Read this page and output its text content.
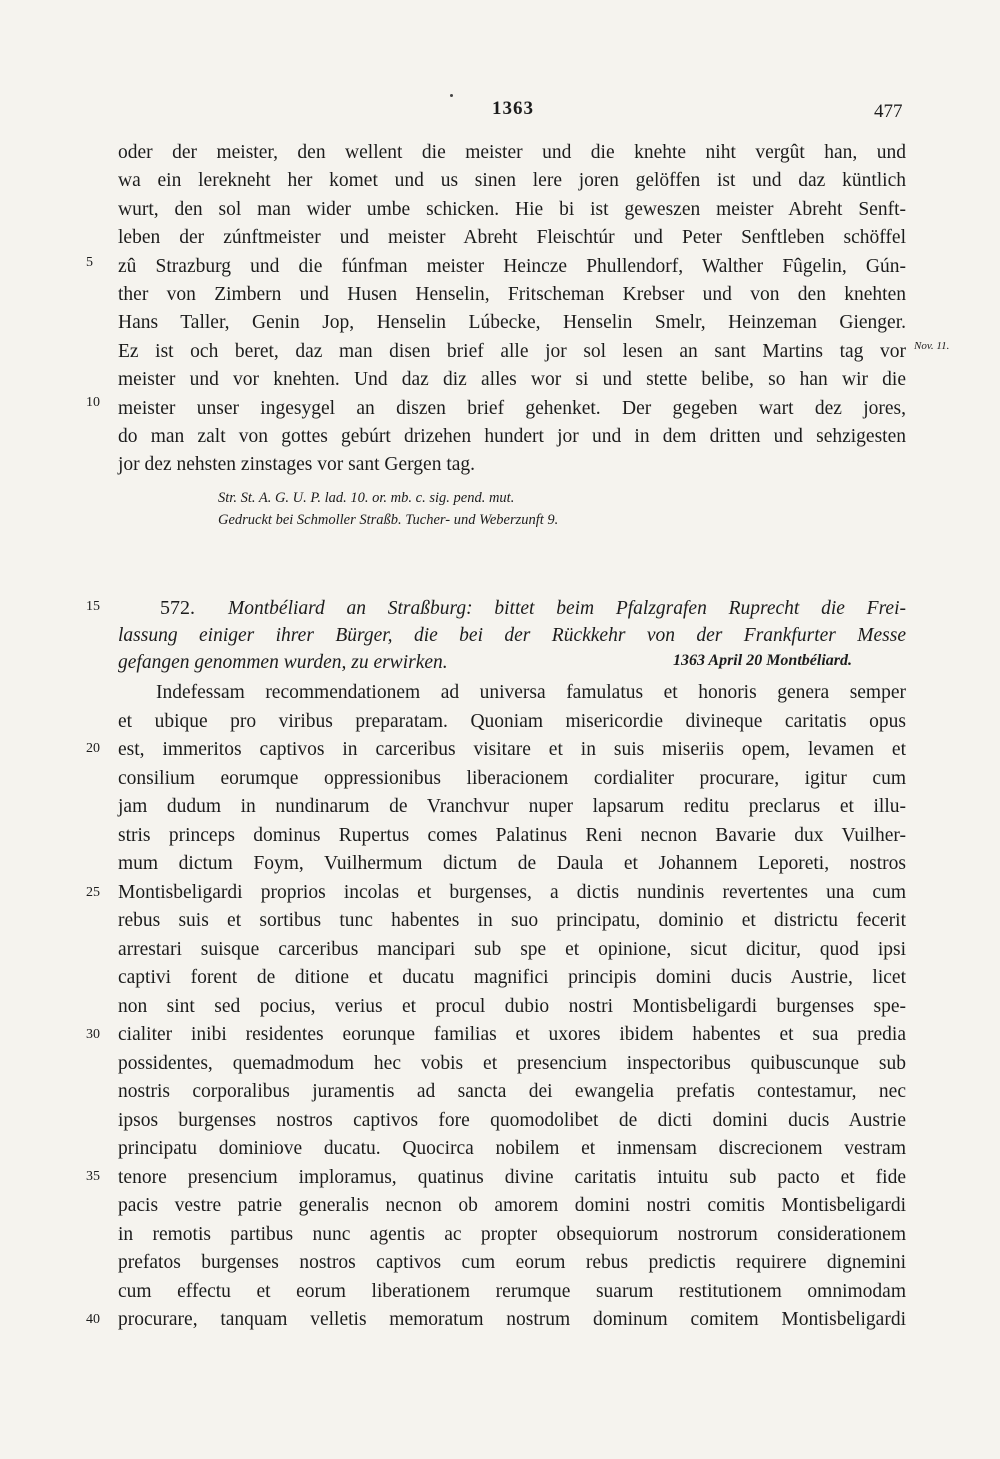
1363	477
oder der meister, den wellent die meister und die knehte niht vergût han, und
wa ein lerekneht her komet und us sinen lere joren gelöffen ist und daz küntlich
wurt, den sol man wider umbe schicken. Hie bi ist geweszen meister Abreht Senft-
leben der zúnftmeister und meister Abreht Fleischtúr und Peter Senftleben schöffel
zû Strazburg und die fúnfman meister Heincze Phullendorf, Walther Fûgelin, Gún-
ther von Zimbern und Husen Henselin, Fritscheman Krebser und von den knehten
Hans Taller, Genin Jop, Henselin Lúbecke, Henselin Smelr, Heinzeman Gienger.
Ez ist och beret, daz man disen brief alle jor sol lesen an sant Martins tag vor
meister und vor knehten. Und daz diz alles wor si und stette belibe, so han wir die
meister unser ingesygel an diszen brief gehenket. Der gegeben wart dez jores,
do man zalt von gottes gebúrt drizehen hundert jor und in dem dritten und sehzigesten
jor dez nehsten zinstages vor sant Gergen tag.
Str. St. A. G. U. P. lad. 10. or. mb. c. sig. pend. mut.
Gedruckt bei Schmoller Straßb. Tucher- und Weberzunft 9.
Nov. 11.
572. Montbéliard an Straßburg: bittet beim Pfalzgrafen Ruprecht die Frei-
lassung einiger ihrer Bürger, die bei der Rückkehr von der Frankfurter Messe
gefangen genommen wurden, zu erwirken.	1363 April 20 Montbéliard.
Indefessam recommendationem ad universa famulatus et honoris genera semper
et ubique pro viribus preparatam. Quoniam misericordie divineque caritatis opus
est, immeritos captivos in carceribus visitare et in suis miseriis opem, levamen et
consilium eorumque oppressionibus liberacionem cordialiter procurare, igitur cum
jam dudum in nundinarum de Vranchvur nuper lapsarum reditu preclarus et illu-
stris princeps dominus Rupertus comes Palatinus Reni necnon Bavarie dux Vuilher-
mum dictum Foym, Vuilhermum dictum de Daula et Johannem Leporeti, nostros
Montisbeligardi proprios incolas et burgenses, a dictis nundinis revertentes una cum
rebus suis et sortibus tunc habentes in suo principatu, dominio et districtu fecerit
arrestari suisque carceribus mancipari sub spe et opinione, sicut dicitur, quod ipsi
captivi forent de ditione et ducatu magnifici principis domini ducis Austrie, licet
non sint sed pocius, verius et procul dubio nostri Montisbeligardi burgenses spe-
cialiter inibi residentes eorunque familias et uxores ibidem habentes et sua predia
possidentes, quemadmodum hec vobis et presencium inspectoribus quibuscunque sub
nostris corporalibus juramentis ad sancta dei ewangelia prefatis contestamur, nec
ipsos burgenses nostros captivos fore quomodolibet de dicti domini ducis Austrie
principatu dominiove ducatu. Quocirca nobilem et inmensam discrecionem vestram
tenore presencium imploramus, quatinus divine caritatis intuitu sub pacto et fide
pacis vestre patrie generalis necnon ob amorem domini nostri comitis Montisbeligardi
in remotis partibus nunc agentis ac propter obsequiorum nostrorum considerationem
prefatos burgenses nostros captivos cum eorum rebus predictis requirere dignemini
cum effectu et eorum liberationem rerumque suarum restitutionem omnimodam
procurare, tanquam velletis memoratum nostrum dominum comitem Montisbeligardi
5
10
15
20
25
30
35
40
